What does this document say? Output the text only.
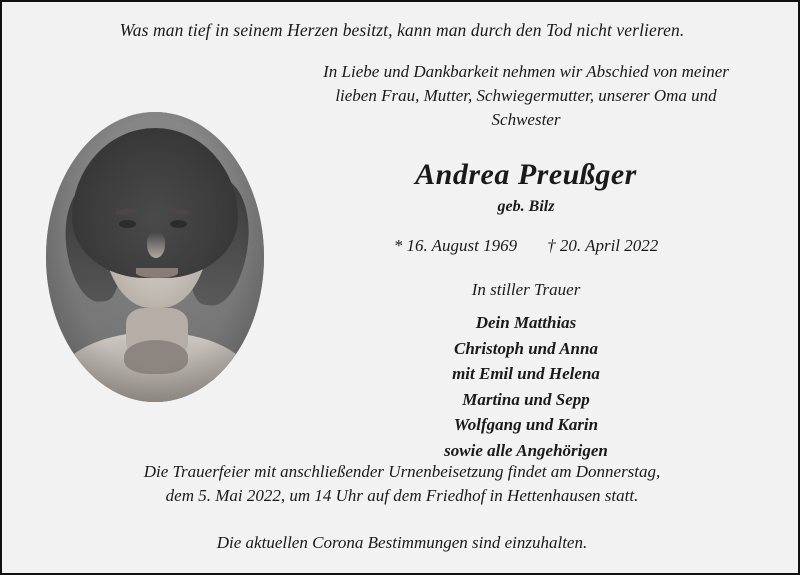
Was man tief in seinem Herzen besitzt, kann man durch den Tod nicht verlieren.
In Liebe und Dankbarkeit nehmen wir Abschied von meiner
lieben Frau, Mutter, Schwiegermutter, unserer Oma und
Schwester
Andrea Preußger
geb. Bilz
* 16. August 1969 † 20. April 2022
In stiller Trauer
Dein Matthias
Christoph und Anna
mit Emil und Helena
Martina und Sepp
Wolfgang und Karin
sowie alle Angehörigen
Die Trauerfeier mit anschließender Urnenbeisetzung findet am Donnerstag,
dem 5. Mai 2022, um 14 Uhr auf dem Friedhof in Hettenhausen statt.
Die aktuellen Corona Bestimmungen sind einzuhalten.
